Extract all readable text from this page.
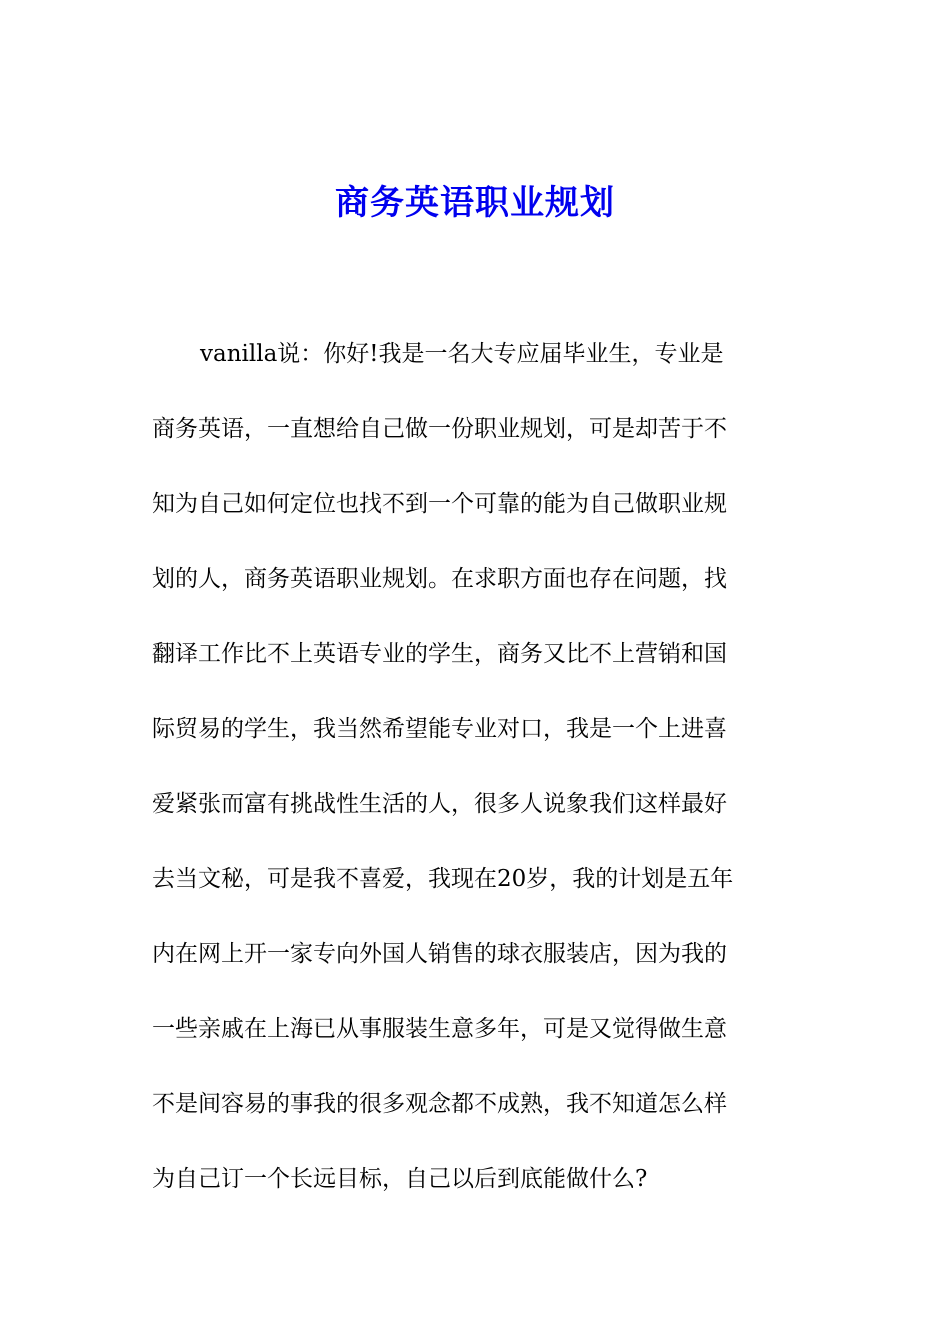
商务英语职业规划
vanilla说：你好!我是一名大专应届毕业生，专业是
商务英语，一直想给自己做一份职业规划，可是却苦于不
知为自己如何定位也找不到一个可靠的能为自己做职业规
划的人，商务英语职业规划。在求职方面也存在问题，找
翻译工作比不上英语专业的学生，商务又比不上营销和国
际贸易的学生，我当然希望能专业对口，我是一个上进喜
爱紧张而富有挑战性生活的人，很多人说象我们这样最好
去当文秘，可是我不喜爱，我现在20岁，我的计划是五年
内在网上开一家专向外国人销售的球衣服装店，因为我的
一些亲戚在上海已从事服装生意多年，可是又觉得做生意
不是间容易的事我的很多观念都不成熟，我不知道怎么样
为自己订一个长远目标，自己以后到底能做什么?
